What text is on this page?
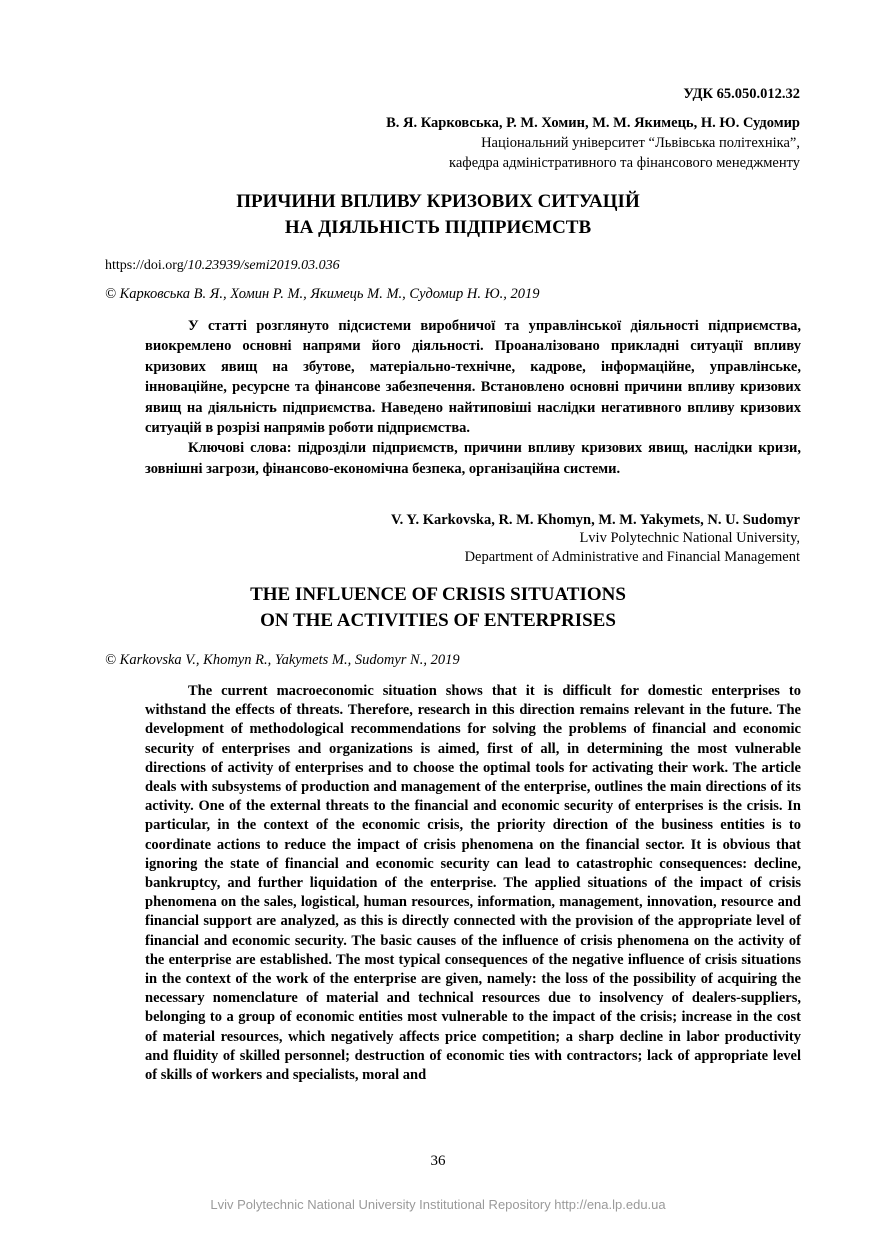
УДК 65.050.012.32
В. Я. Карковська, Р. М. Хомин, М. М. Якимець, Н. Ю. Судомир
Національний університет “Львівська політехніка”,
кафедра адміністративного та фінансового менеджменту
ПРИЧИНИ ВПЛИВУ КРИЗОВИХ СИТУАЦІЙ
НА ДІЯЛЬНІСТЬ ПІДПРИЄМСТВ
https://doi.org/10.23939/semi2019.03.036
© Карковська В. Я., Хомин Р. М., Якимець М. М., Судомир Н. Ю., 2019

У статті розглянуто підсистеми виробничої та управлінської діяльності підприємства, виокремлено основні напрями його діяльності. Проаналізовано прикладні ситуації впливу кризових явищ на збутове, матеріально-технічне, кадрове, інформаційне, управлінське, інноваційне, ресурсне та фінансове забезпечення. Встановлено основні причини впливу кризових явищ на діяльність підприємства. Наведено найтиповіші наслідки негативного впливу кризових ситуацій в розрізі напрямів роботи підприємства.

Ключові слова: підрозділи підприємств, причини впливу кризових явищ, наслідки кризи, зовнішні загрози, фінансово-економічна безпека, організаційна системи.

V. Y. Karkovska, R. M. Khomyn, M. M. Yakymets, N. U. Sudomyr
Lviv Polytechnic National University,
Department of Administrative and Financial Management
THE INFLUENCE OF CRISIS SITUATIONS
ON THE ACTIVITIES OF ENTERPRISES
© Karkovska V., Khomyn R., Yakymets M., Sudomyr N., 2019

The current macroeconomic situation shows that it is difficult for domestic enterprises to withstand the effects of threats. Therefore, research in this direction remains relevant in the future. The development of methodological recommendations for solving the problems of financial and economic security of enterprises and organizations is aimed, first of all, in determining the most vulnerable directions of activity of enterprises and to choose the optimal tools for activating their work. The article deals with subsystems of production and management of the enterprise, outlines the main directions of its activity. One of the external threats to the financial and economic security of enterprises is the crisis. In particular, in the context of the economic crisis, the priority direction of the business entities is to coordinate actions to reduce the impact of crisis phenomena on the financial sector. It is obvious that ignoring the state of financial and economic security can lead to catastrophic consequences: decline, bankruptcy, and further liquidation of the enterprise. The applied situations of the impact of crisis phenomena on the sales, logistical, human resources, information, management, innovation, resource and financial support are analyzed, as this is directly connected with the provision of the appropriate level of financial and economic security. The basic causes of the influence of crisis phenomena on the activity of the enterprise are established. The most typical consequences of the negative influence of crisis situations in the context of the work of the enterprise are given, namely: the loss of the possibility of acquiring the necessary nomenclature of material and technical resources due to insolvency of dealers-suppliers, belonging to a group of economic entities most vulnerable to the impact of the crisis; increase in the cost of material resources, which negatively affects price competition; a sharp decline in labor productivity and fluidity of skilled personnel; destruction of economic ties with contractors; lack of appropriate level of skills of workers and specialists, moral and

36
Lviv Polytechnic National University Institutional Repository http://ena.lp.edu.ua
